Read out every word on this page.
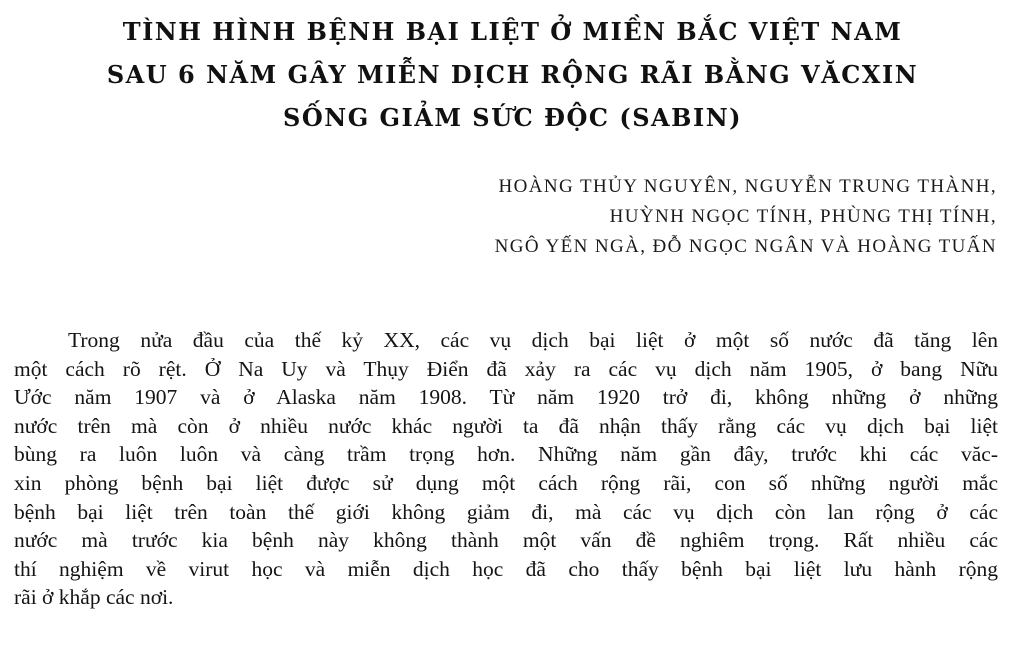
TÌNH HÌNH BỆNH BẠI LIỆT Ở MIỀN BẮC VIỆT NAM
SAU 6 NĂM GÂY MIỄN DỊCH RỘNG RÃI BẰNG VĂCXIN
SỐNG GIẢM SỨC ĐỘC (SABIN)
HOÀNG THỦY NGUYÊN, NGUYỄN TRUNG THÀNH,
HUỲNH NGỌC TÍNH, PHÙNG THỊ TÍNH,
NGÔ YẾN NGÀ, ĐỖ NGỌC NGÂN VÀ HOÀNG TUẤN
Trong nửa đầu của thế kỷ XX, các vụ dịch bại liệt ở một số nước đã tăng lên
một cách rõ rệt. Ở Na Uy và Thụy Điển đã xảy ra các vụ dịch năm 1905, ở bang Nữu
Ước năm 1907 và ở Alaska năm 1908. Từ năm 1920 trở đi, không những ở những
nước trên mà còn ở nhiều nước khác người ta đã nhận thấy rằng các vụ dịch bại liệt
bùng ra luôn luôn và càng trầm trọng hơn. Những năm gần đây, trước khi các văc-
xin phòng bệnh bại liệt được sử dụng một cách rộng rãi, con số những người mắc
bệnh bại liệt trên toàn thế giới không giảm đi, mà các vụ dịch còn lan rộng ở các
nước mà trước kia bệnh này không thành một vấn đề nghiêm trọng. Rất nhiều các
thí nghiệm về virut học và miễn dịch học đã cho thấy bệnh bại liệt lưu hành rộng
rãi ở khắp các nơi.
